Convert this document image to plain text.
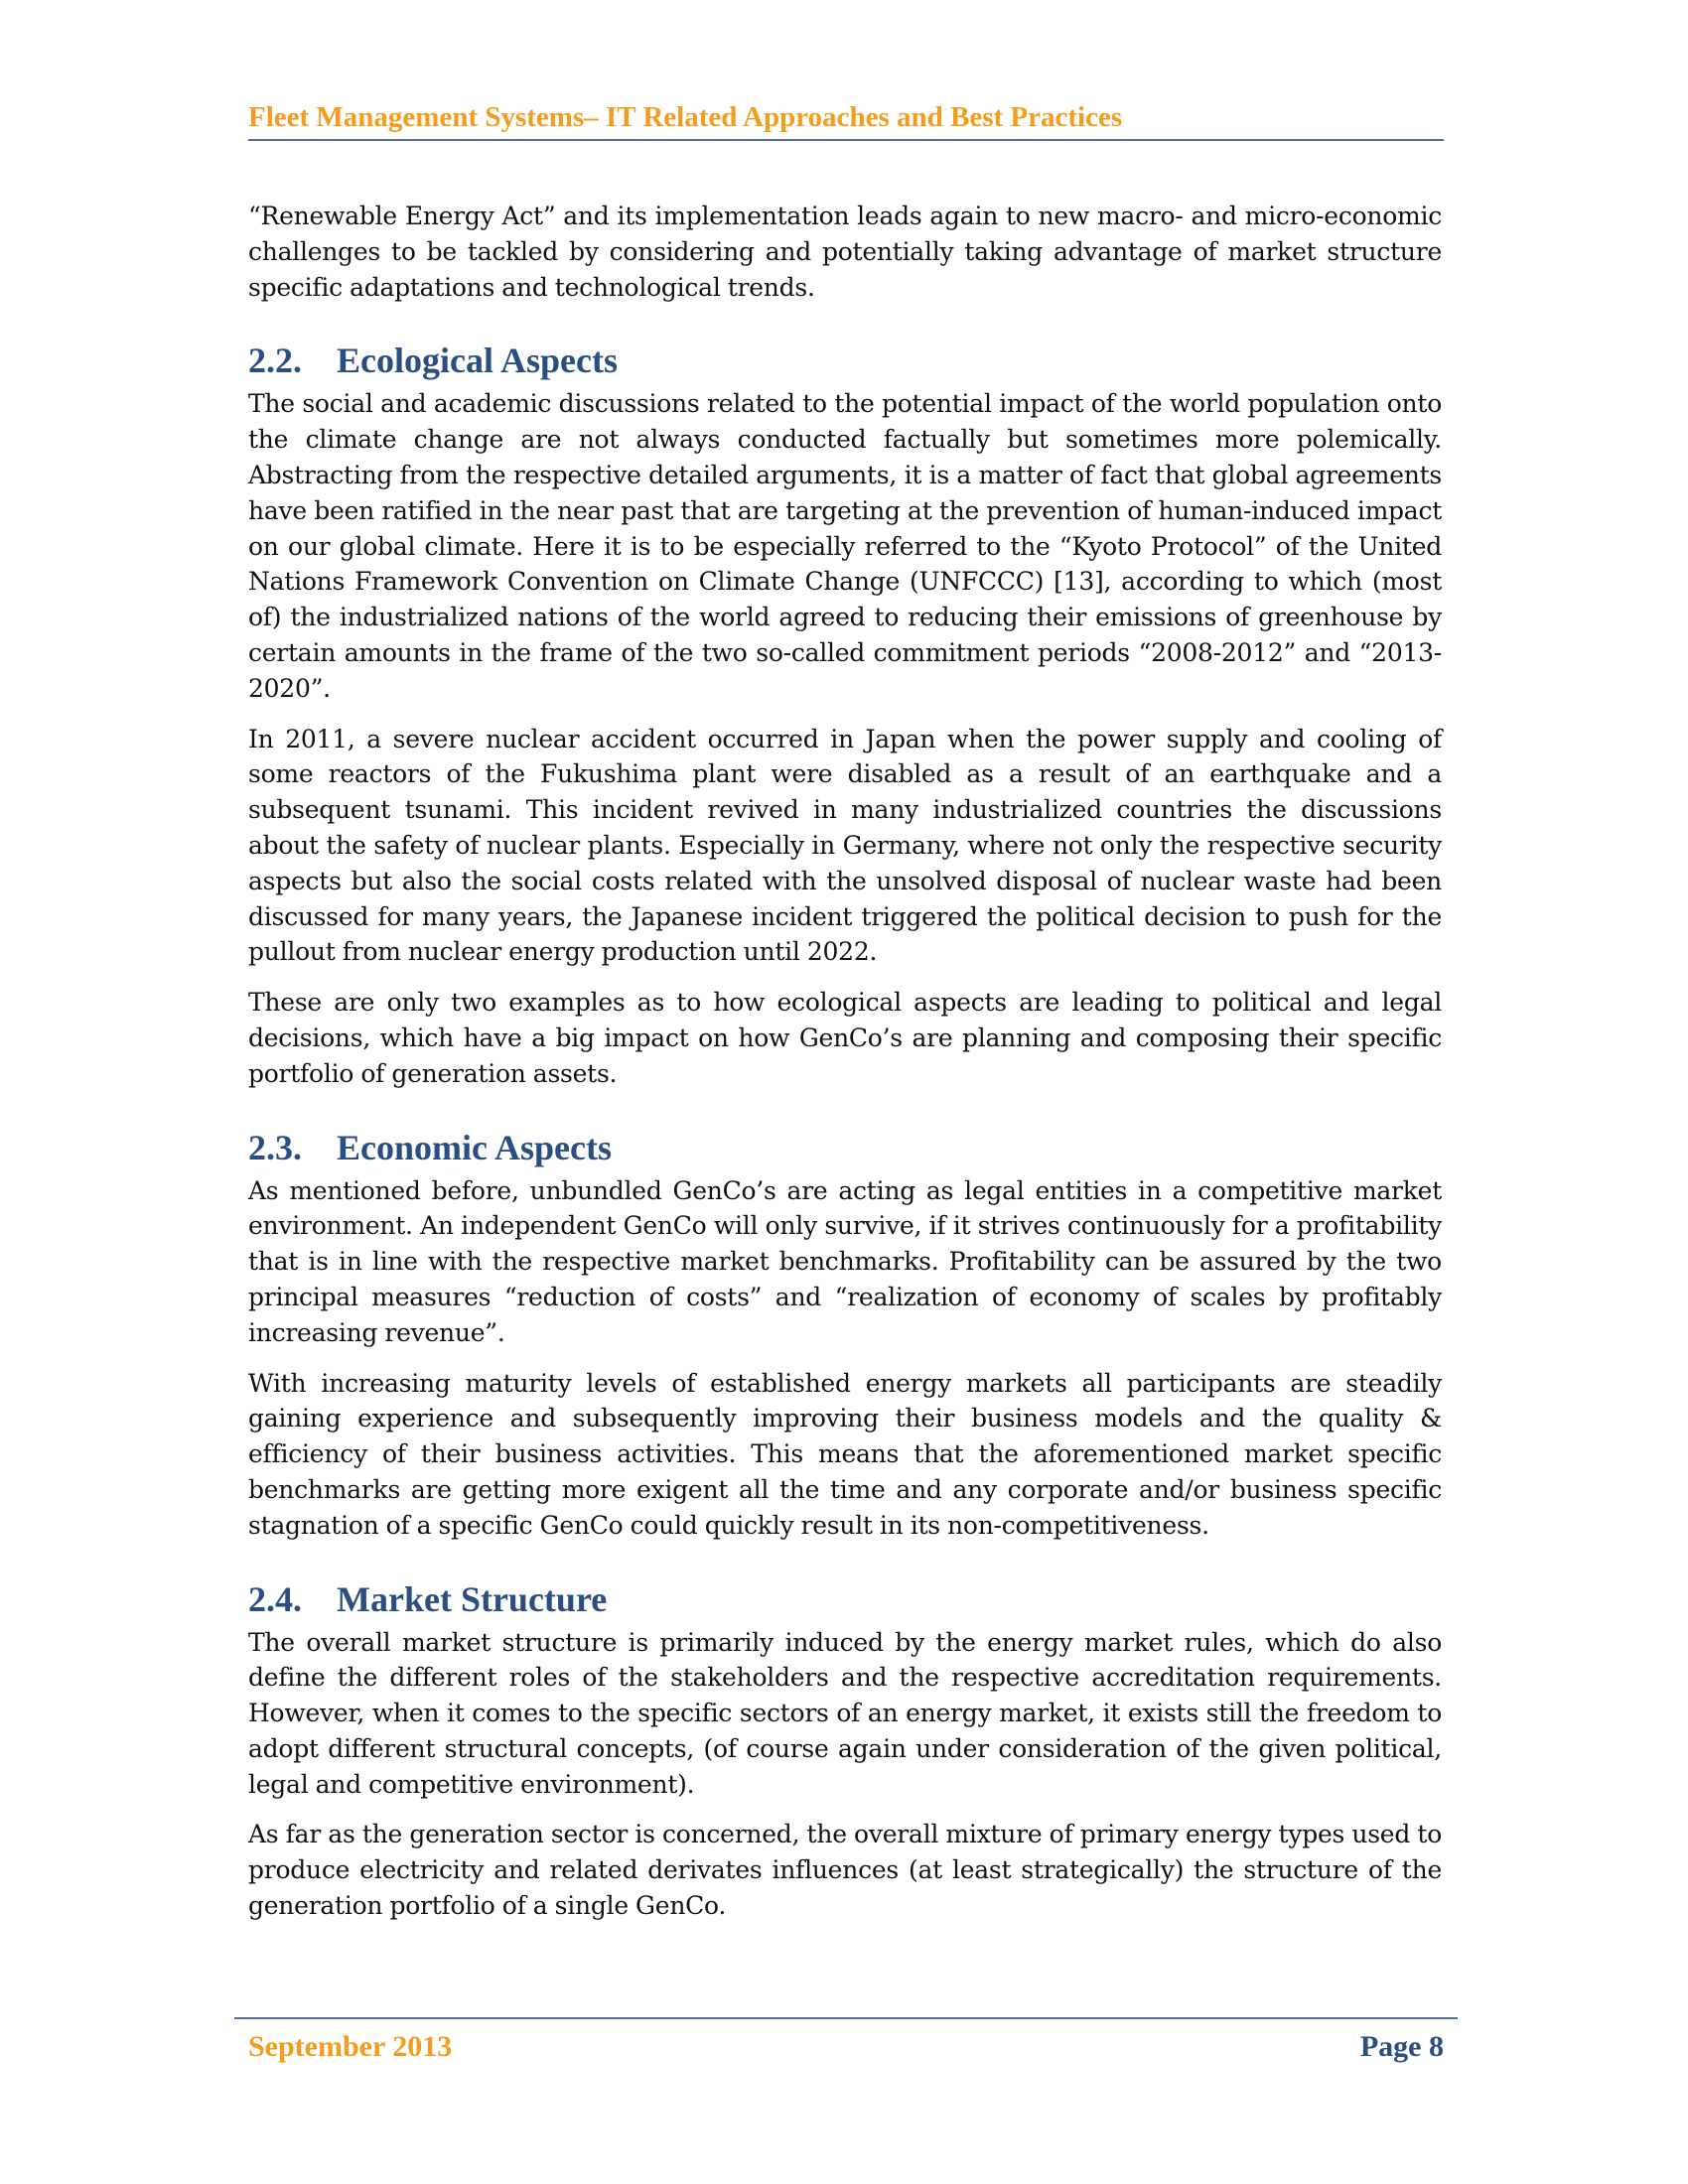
Fleet Management Systems– IT Related Approaches and Best Practices

“Renewable Energy Act” and its implementation leads again to new macro- and micro-economic challenges to be tackled by considering and potentially taking advantage of market structure specific adaptations and technological trends.

2.2. Ecological Aspects

The social and academic discussions related to the potential impact of the world population onto the climate change are not always conducted factually but sometimes more polemically. Abstracting from the respective detailed arguments, it is a matter of fact that global agreements have been ratified in the near past that are targeting at the prevention of human-induced impact on our global climate. Here it is to be especially referred to the “Kyoto Protocol” of the United Nations Framework Convention on Climate Change (UNFCCC) [13], according to which (most of) the industrialized nations of the world agreed to reducing their emissions of greenhouse by certain amounts in the frame of the two so-called commitment periods “2008-2012” and “2013-2020”.

In 2011, a severe nuclear accident occurred in Japan when the power supply and cooling of some reactors of the Fukushima plant were disabled as a result of an earthquake and a subsequent tsunami. This incident revived in many industrialized countries the discussions about the safety of nuclear plants. Especially in Germany, where not only the respective security aspects but also the social costs related with the unsolved disposal of nuclear waste had been discussed for many years, the Japanese incident triggered the political decision to push for the pullout from nuclear energy production until 2022.

These are only two examples as to how ecological aspects are leading to political and legal decisions, which have a big impact on how GenCo’s are planning and composing their specific portfolio of generation assets.

2.3. Economic Aspects

As mentioned before, unbundled GenCo’s are acting as legal entities in a competitive market environment. An independent GenCo will only survive, if it strives continuously for a profitability that is in line with the respective market benchmarks. Profitability can be assured by the two principal measures “reduction of costs” and “realization of economy of scales by profitably increasing revenue”.

With increasing maturity levels of established energy markets all participants are steadily gaining experience and subsequently improving their business models and the quality & efficiency of their business activities. This means that the aforementioned market specific benchmarks are getting more exigent all the time and any corporate and/or business specific stagnation of a specific GenCo could quickly result in its non-competitiveness.

2.4. Market Structure

The overall market structure is primarily induced by the energy market rules, which do also define the different roles of the stakeholders and the respective accreditation requirements. However, when it comes to the specific sectors of an energy market, it exists still the freedom to adopt different structural concepts, (of course again under consideration of the given political, legal and competitive environment).

As far as the generation sector is concerned, the overall mixture of primary energy types used to produce electricity and related derivates influences (at least strategically) the structure of the generation portfolio of a single GenCo.

September 2013	Page 8
